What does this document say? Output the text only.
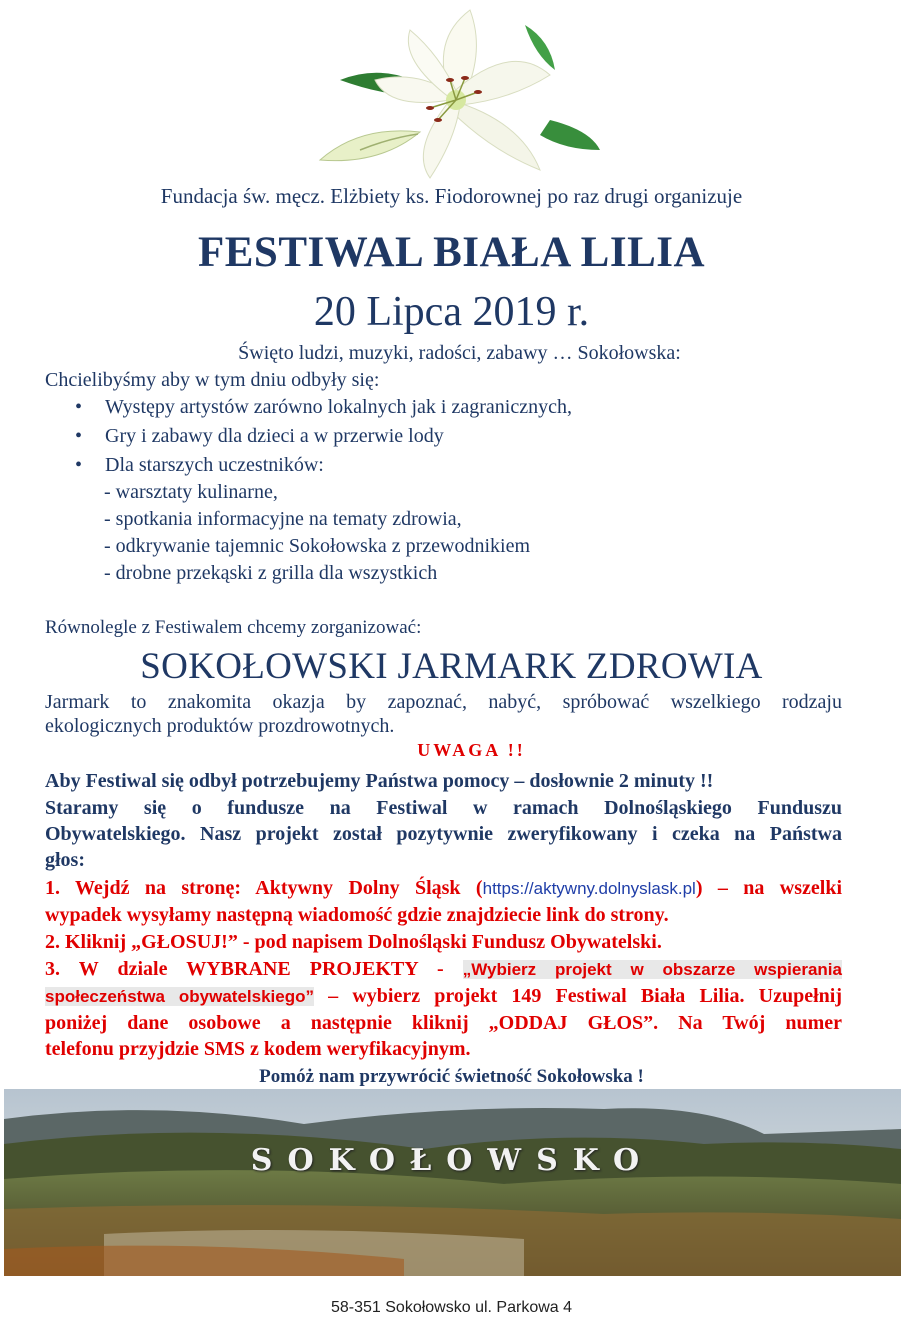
Fundacja św. męcz. Elżbiety ks. Fiodorownej po raz drugi organizuje
FESTIWAL BIAŁA LILIA
20 Lipca 2019 r.
Święto ludzi, muzyki, radości, zabawy … Sokołowska:
Chcielibyśmy aby w tym dniu odbyły się:
• Występy artystów zarówno lokalnych jak i zagranicznych,
• Gry i zabawy dla dzieci a w przerwie lody
• Dla starszych uczestników:
- warsztaty kulinarne,
- spotkania informacyjne na tematy zdrowia,
- odkrywanie tajemnic Sokołowska z przewodnikiem
- drobne przekąski z grilla dla wszystkich
Równolegle z Festiwalem chcemy zorganizować:
SOKOŁOWSKI JARMARK ZDROWIA
Jarmark to znakomita okazja by zapoznać, nabyć, spróbować wszelkiego rodzaju
ekologicznych produktów prozdrowotnych.
UWAGA !!
Aby Festiwal się odbył potrzebujemy Państwa pomocy – dosłownie 2 minuty !!
Staramy się o fundusze na Festiwal w ramach Dolnośląskiego Funduszu
Obywatelskiego. Nasz projekt został pozytywnie zweryfikowany i czeka na Państwa
głos:
1. Wejdź na stronę: Aktywny Dolny Śląsk (https://aktywny.dolnyslask.pl) – na wszelki
wypadek wysyłamy następną wiadomość gdzie znajdziecie link do strony.
2. Kliknij „GŁOSUJ!” - pod napisem Dolnośląski Fundusz Obywatelski.
3. W dziale WYBRANE PROJEKTY - „Wybierz projekt w obszarze wspierania
społeczeństwa obywatelskiego” – wybierz projekt 149 Festiwal Biała Lilia. Uzupełnij
poniżej dane osobowe a następnie kliknij „ODDAJ GŁOS”. Na Twój numer
telefonu przyjdzie SMS z kodem weryfikacyjnym.
Pomóż nam przywrócić świetność Sokołowska !
SOKOŁOWSKO
58-351 Sokołowsko ul. Parkowa 4
